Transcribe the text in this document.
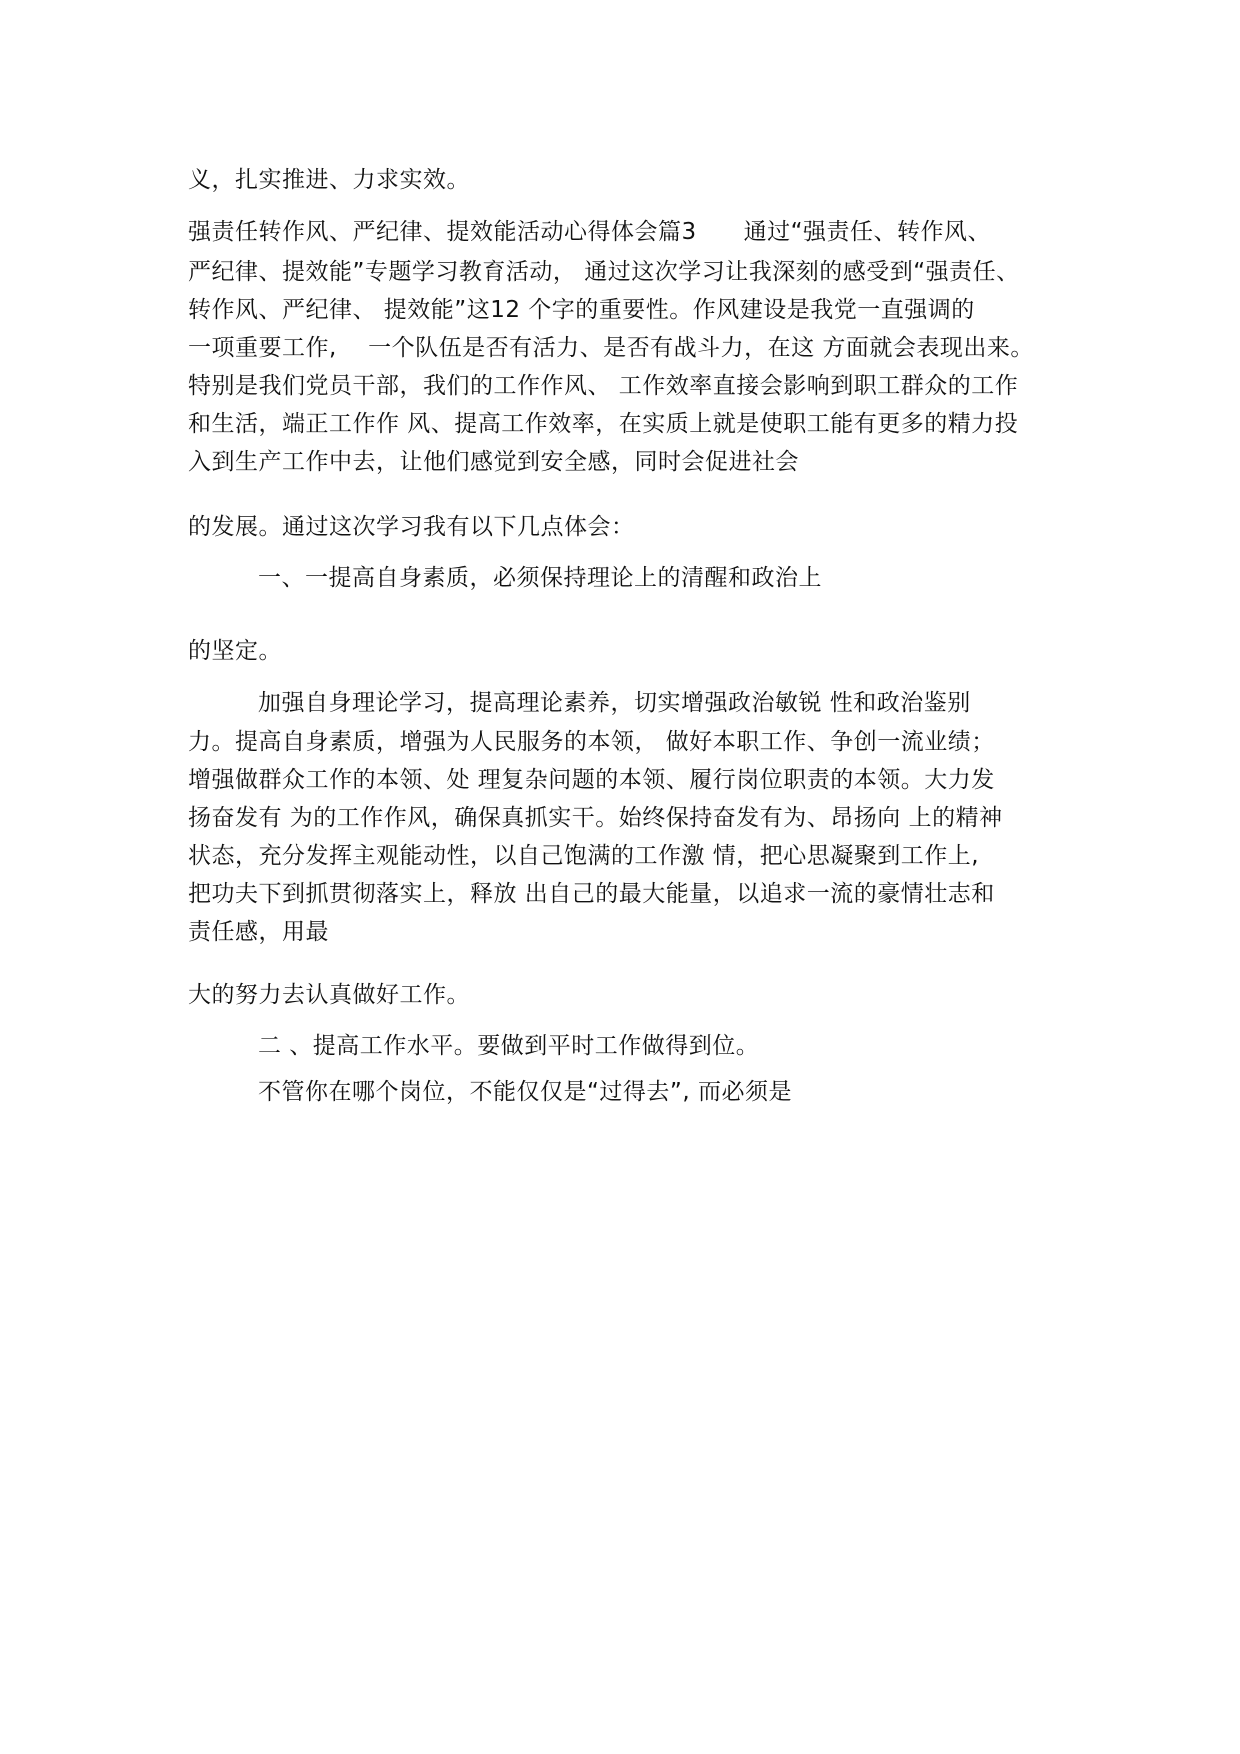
义，扎实推进、力求实效。
强责任转作风、严纪律、提效能活动心得体会篇3　　通过“强责任、转作风、
严纪律、提效能”专题学习教育活动， 通过这次学习让我深刻的感受到“强责任、
转作风、严纪律、 提效能”这12 个字的重要性。作风建设是我党一直强调的
一项重要工作,　 一个队伍是否有活力、是否有战斗力，在这 方面就会表现出来。
特别是我们党员干部，我们的工作作风、 工作效率直接会影响到职工群众的工作
和生活，端正工作作 风、提高工作效率，在实质上就是使职工能有更多的精力投
入到生产工作中去，让他们感觉到安全感，同时会促进社会
的发展。通过这次学习我有以下几点体会：
一、一提高自身素质，必须保持理论上的清醒和政治上
的坚定。
加强自身理论学习，提高理论素养，切实增强政治敏锐 性和政治鉴别
力。提高自身素质，增强为人民服务的本领， 做好本职工作、争创一流业绩；
增强做群众工作的本领、处 理复杂问题的本领、履行岗位职责的本领。大力发
扬奋发有 为的工作作风，确保真抓实干。始终保持奋发有为、昂扬向 上的精神
状态，充分发挥主观能动性，以自己饱满的工作激 情，把心思凝聚到工作上,
把功夫下到抓贯彻落实上，释放 出自己的最大能量，以追求一流的豪情壮志和
责任感，用最
大的努力去认真做好工作。
二 、提高工作水平。要做到平时工作做得到位。
不管你在哪个岗位，不能仅仅是“过得去”, 而必须是
